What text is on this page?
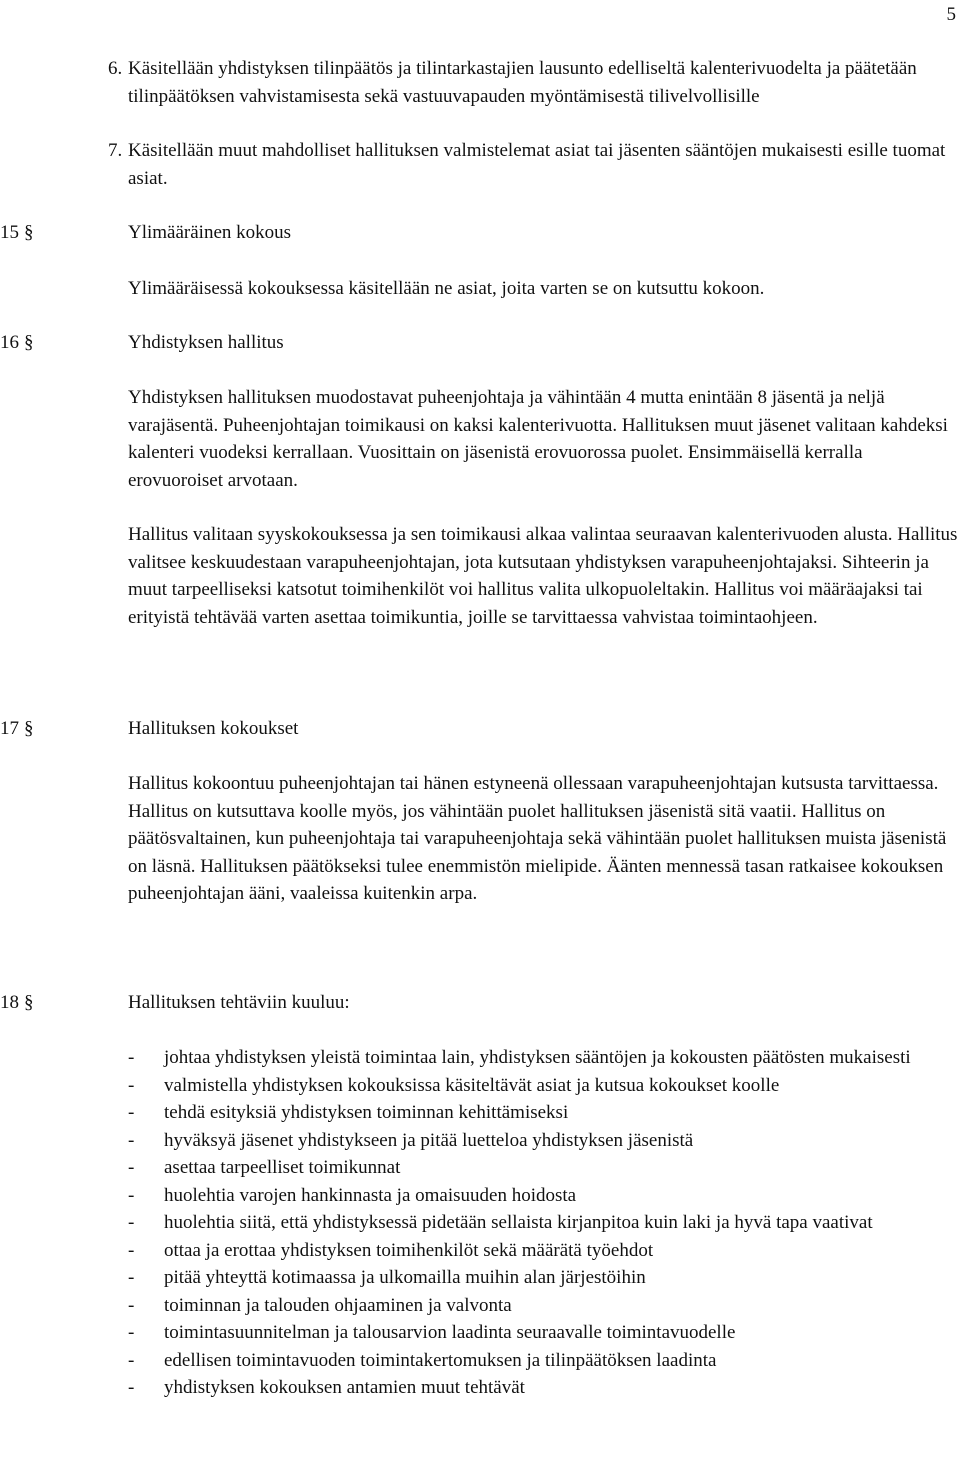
5
6. Käsitellään yhdistyksen tilinpäätös ja tilintarkastajien lausunto edelliseltä kalenterivuodelta ja päätetään tilinpäätöksen vahvistamisesta sekä vastuuvapauden myöntämisestä tilivelvollisille
7. Käsitellään muut mahdolliset hallituksen valmistelemat asiat tai jäsenten sääntöjen mukaisesti esille tuomat asiat.
15 §	Ylimääräinen kokous

Ylimääräisessä kokouksessa käsitellään ne asiat, joita varten se on kutsuttu kokoon.

16 §	Yhdistyksen hallitus

Yhdistyksen hallituksen muodostavat puheenjohtaja ja vähintään 4 mutta enintään 8 jäsentä ja neljä varajäsentä. Puheenjohtajan toimikausi on kaksi kalenterivuotta. Hallituksen muut jäsenet valitaan kahdeksi kalenteri vuodeksi kerrallaan. Vuosittain on jäsenistä erovuorossa puolet. Ensimmäisellä kerralla erovuoroiset arvotaan.

Hallitus valitaan syyskokouksessa ja sen toimikausi alkaa valintaa seuraavan kalenterivuoden alusta. Hallitus valitsee keskuudestaan varapuheenjohtajan, jota kutsutaan yhdistyksen varapuheenjohtajaksi. Sihteerin ja muut tarpeelliseksi katsotut toimihenkilöt voi hallitus valita ulkopuoleltakin. Hallitus voi määräajaksi tai erityistä tehtävää varten asettaa toimikuntia, joille se tarvittaessa vahvistaa toimintaohjeen.

17 §	Hallituksen kokoukset

Hallitus kokoontuu puheenjohtajan tai hänen estyneenä ollessaan varapuheenjohtajan kutsusta tarvittaessa. Hallitus on kutsuttava koolle myös, jos vähintään puolet hallituksen jäsenistä sitä vaatii. Hallitus on päätösvaltainen, kun puheenjohtaja tai varapuheenjohtaja sekä vähintään puolet hallituksen muista jäsenistä on läsnä. Hallituksen päätökseksi tulee enemmistön mielipide. Äänten mennessä tasan ratkaisee kokouksen puheenjohtajan ääni, vaaleissa kuitenkin arpa.

18 §	Hallituksen tehtäviin kuuluu:
- johtaa yhdistyksen yleistä toimintaa lain, yhdistyksen sääntöjen ja kokousten päätösten mukaisesti
- valmistella yhdistyksen kokouksissa käsiteltävät asiat ja kutsua kokoukset koolle
- tehdä esityksiä yhdistyksen toiminnan kehittämiseksi
- hyväksyä jäsenet yhdistykseen ja pitää luetteloa yhdistyksen jäsenistä
- asettaa tarpeelliset toimikunnat
- huolehtia varojen hankinnasta ja omaisuuden hoidosta
- huolehtia siitä, että yhdistyksessä pidetään sellaista kirjanpitoa kuin laki ja hyvä tapa vaativat
- ottaa ja erottaa yhdistyksen toimihenkilöt sekä määrätä työehdot
- pitää yhteyttä kotimaassa ja ulkomailla muihin alan järjestöihin
- toiminnan ja talouden ohjaaminen ja valvonta
- toimintasuunnitelman ja talousarvion laadinta seuraavalle toimintavuodelle
- edellisen toimintavuoden toimintakertomuksen ja tilinpäätöksen laadinta
- yhdistyksen kokouksen antamien muut tehtävät
